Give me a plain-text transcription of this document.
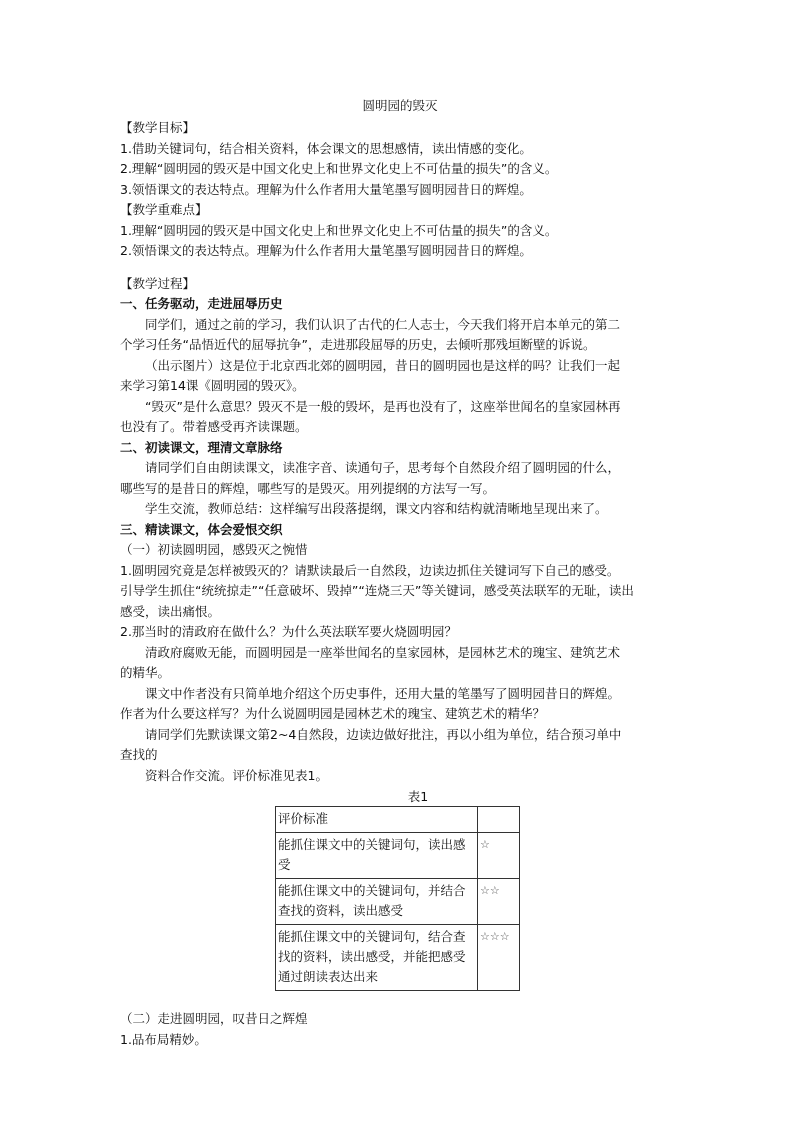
圆明园的毁灭

【教学目标】

1.借助关键词句，结合相关资料，体会课文的思想感情，读出情感的变化。

2.理解“圆明园的毁灭是中国文化史上和世界文化史上不可估量的损失”的含义。

3.领悟课文的表达特点。理解为什么作者用大量笔墨写圆明园昔日的辉煌。

【教学重难点】

1.理解“圆明园的毁灭是中国文化史上和世界文化史上不可估量的损失”的含义。

2.领悟课文的表达特点。理解为什么作者用大量笔墨写圆明园昔日的辉煌。

【教学过程】

一、任务驱动，走进屈辱历史

同学们，通过之前的学习，我们认识了古代的仁人志士，今天我们将开启本单元的第二

个学习任务“品悟近代的屈辱抗争”，走进那段屈辱的历史，去倾听那残垣断壁的诉说。

（出示图片）这是位于北京西北郊的圆明园，昔日的圆明园也是这样的吗？让我们一起

来学习第14课《圆明园的毁灭》。

“毁灭”是什么意思？毁灭不是一般的毁坏，是再也没有了，这座举世闻名的皇家园林再

也没有了。带着感受再齐读课题。

二、初读课文，理清文章脉络

请同学们自由朗读课文，读准字音、读通句子，思考每个自然段介绍了圆明园的什么，

哪些写的是昔日的辉煌，哪些写的是毁灭。用列提纲的方法写一写。

学生交流，教师总结：这样编写出段落提纲，课文内容和结构就清晰地呈现出来了。

三、精读课文，体会爱恨交织

（一）初读圆明园，感毁灭之惋惜

1.圆明园究竟是怎样被毁灭的？请默读最后一自然段，边读边抓住关键词写下自己的感受。

引导学生抓住“统统掠走”“任意破坏、毁掉”“连烧三天”等关键词，感受英法联军的无耻，读出

感受，读出痛恨。

2.那当时的清政府在做什么？为什么英法联军要火烧圆明园？

清政府腐败无能，而圆明园是一座举世闻名的皇家园林，是园林艺术的瑰宝、建筑艺术

的精华。

课文中作者没有只简单地介绍这个历史事件，还用大量的笔墨写了圆明园昔日的辉煌。

作者为什么要这样写？为什么说圆明园是园林艺术的瑰宝、建筑艺术的精华？

请同学们先默读课文第2~4自然段，边读边做好批注，再以小组为单位，结合预习单中

查找的

资料合作交流。评价标准见表1。

表1

评价标准	
能抓住课文中的关键词句，读出感受	☆
能抓住课文中的关键词句，并结合查找的资料，读出感受	☆☆
能抓住课文中的关键词句，结合查找的资料，读出感受，并能把感受通过朗读表达出来	☆☆☆

（二）走进圆明园，叹昔日之辉煌

1.品布局精妙。
